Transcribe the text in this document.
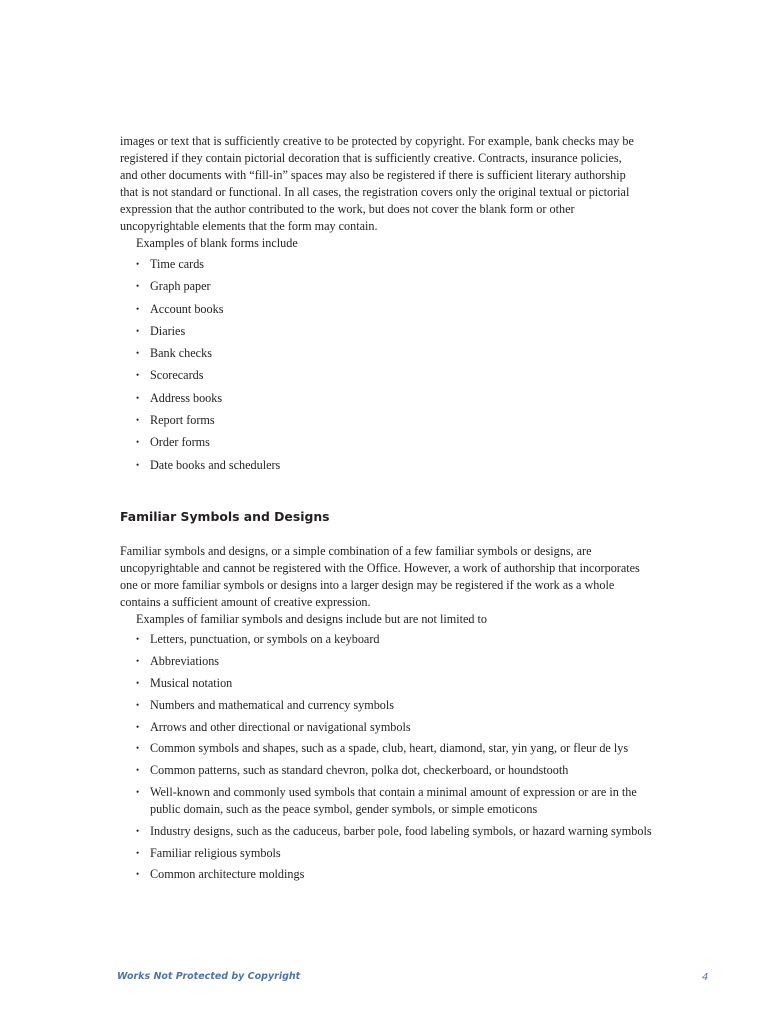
images or text that is sufficiently creative to be protected by copyright. For example, bank checks may be registered if they contain pictorial decoration that is sufficiently creative. Contracts, insurance policies, and other documents with “fill-in” spaces may also be registered if there is sufficient literary authorship that is not standard or functional. In all cases, the registration covers only the original textual or pictorial expression that the author contributed to the work, but does not cover the blank form or other uncopyrightable elements that the form may contain.

Examples of blank forms include

• Time cards
• Graph paper
• Account books
• Diaries
• Bank checks
• Scorecards
• Address books
• Report forms
• Order forms
• Date books and schedulers
Familiar Symbols and Designs

Familiar symbols and designs, or a simple combination of a few familiar symbols or designs, are uncopyrightable and cannot be registered with the Office. However, a work of authorship that incorporates one or more familiar symbols or designs into a larger design may be registered if the work as a whole contains a sufficient amount of creative expression.

Examples of familiar symbols and designs include but are not limited to

• Letters, punctuation, or symbols on a keyboard
• Abbreviations
• Musical notation
• Numbers and mathematical and currency symbols
• Arrows and other directional or navigational symbols
• Common symbols and shapes, such as a spade, club, heart, diamond, star, yin yang, or fleur de lys
• Common patterns, such as standard chevron, polka dot, checkerboard, or houndstooth
• Well-known and commonly used symbols that contain a minimal amount of expression or are in the public domain, such as the peace symbol, gender symbols, or simple emoticons
• Industry designs, such as the caduceus, barber pole, food labeling symbols, or hazard warning symbols
• Familiar religious symbols
• Common architecture moldings
Works Not Protected by Copyright	4
